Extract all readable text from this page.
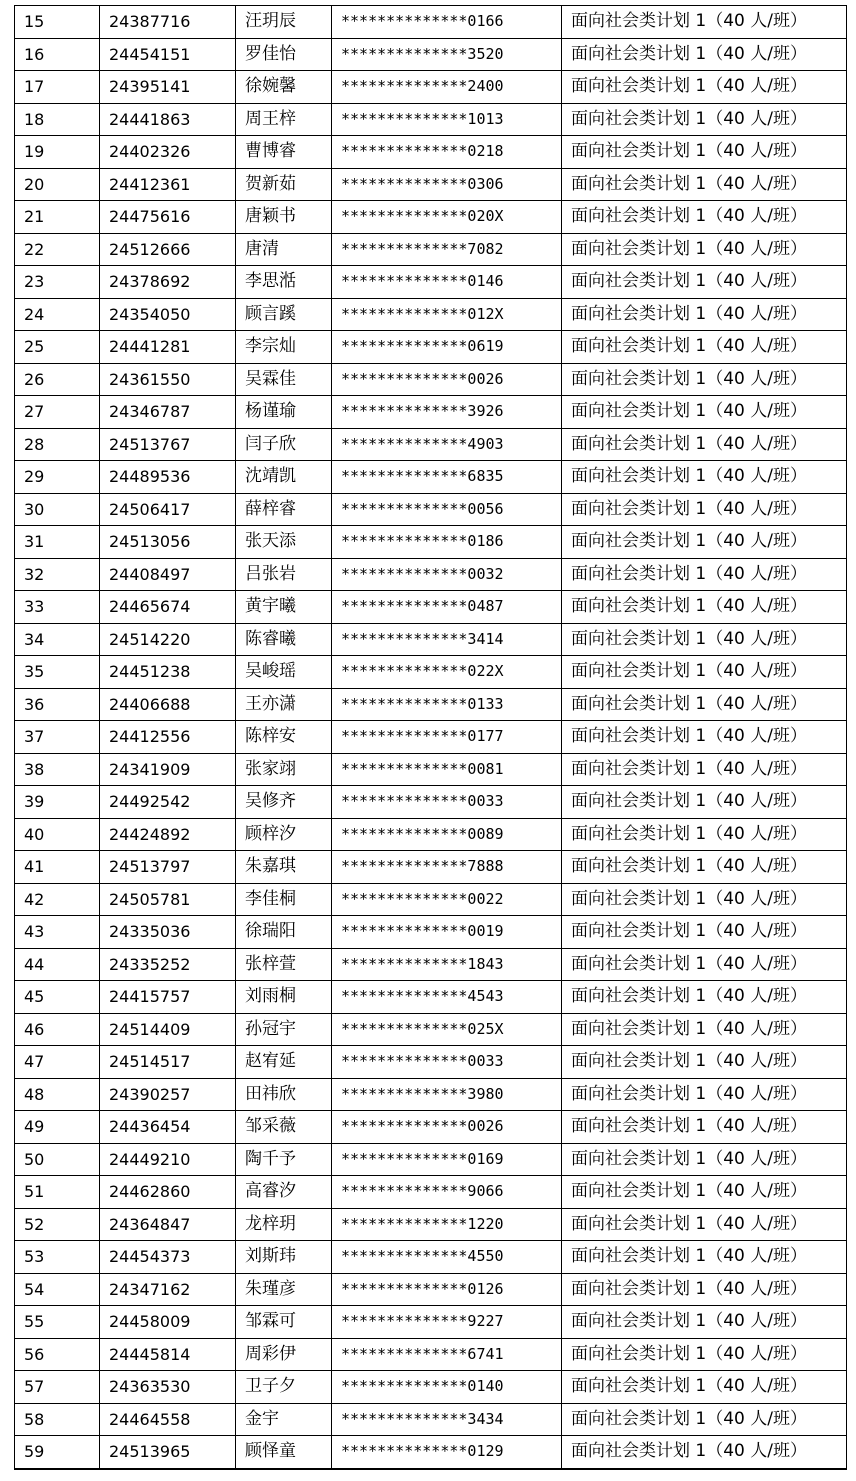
15	24387716	汪玥辰	**************0166	面向社会类计划 1（40 人/班）
16	24454151	罗佳怡	**************3520	面向社会类计划 1（40 人/班）
17	24395141	徐婉馨	**************2400	面向社会类计划 1（40 人/班）
18	24441863	周王梓	**************1013	面向社会类计划 1（40 人/班）
19	24402326	曹博睿	**************0218	面向社会类计划 1（40 人/班）
20	24412361	贺新茹	**************0306	面向社会类计划 1（40 人/班）
21	24475616	唐颖书	**************020X	面向社会类计划 1（40 人/班）
22	24512666	唐清	**************7082	面向社会类计划 1（40 人/班）
23	24378692	李思湉	**************0146	面向社会类计划 1（40 人/班）
24	24354050	顾言蹊	**************012X	面向社会类计划 1（40 人/班）
25	24441281	李宗灿	**************0619	面向社会类计划 1（40 人/班）
26	24361550	吴霖佳	**************0026	面向社会类计划 1（40 人/班）
27	24346787	杨谨瑜	**************3926	面向社会类计划 1（40 人/班）
28	24513767	闫子欣	**************4903	面向社会类计划 1（40 人/班）
29	24489536	沈靖凯	**************6835	面向社会类计划 1（40 人/班）
30	24506417	薛梓睿	**************0056	面向社会类计划 1（40 人/班）
31	24513056	张天添	**************0186	面向社会类计划 1（40 人/班）
32	24408497	吕张岩	**************0032	面向社会类计划 1（40 人/班）
33	24465674	黄宇曦	**************0487	面向社会类计划 1（40 人/班）
34	24514220	陈睿曦	**************3414	面向社会类计划 1（40 人/班）
35	24451238	吴峻瑶	**************022X	面向社会类计划 1（40 人/班）
36	24406688	王亦潇	**************0133	面向社会类计划 1（40 人/班）
37	24412556	陈梓安	**************0177	面向社会类计划 1（40 人/班）
38	24341909	张家翊	**************0081	面向社会类计划 1（40 人/班）
39	24492542	吴修齐	**************0033	面向社会类计划 1（40 人/班）
40	24424892	顾梓汐	**************0089	面向社会类计划 1（40 人/班）
41	24513797	朱嘉琪	**************7888	面向社会类计划 1（40 人/班）
42	24505781	李佳桐	**************0022	面向社会类计划 1（40 人/班）
43	24335036	徐瑞阳	**************0019	面向社会类计划 1（40 人/班）
44	24335252	张梓萱	**************1843	面向社会类计划 1（40 人/班）
45	24415757	刘雨桐	**************4543	面向社会类计划 1（40 人/班）
46	24514409	孙冠宇	**************025X	面向社会类计划 1（40 人/班）
47	24514517	赵宥延	**************0033	面向社会类计划 1（40 人/班）
48	24390257	田祎欣	**************3980	面向社会类计划 1（40 人/班）
49	24436454	邹采薇	**************0026	面向社会类计划 1（40 人/班）
50	24449210	陶千予	**************0169	面向社会类计划 1（40 人/班）
51	24462860	高睿汐	**************9066	面向社会类计划 1（40 人/班）
52	24364847	龙梓玥	**************1220	面向社会类计划 1（40 人/班）
53	24454373	刘斯玮	**************4550	面向社会类计划 1（40 人/班）
54	24347162	朱瑾彦	**************0126	面向社会类计划 1（40 人/班）
55	24458009	邹霖可	**************9227	面向社会类计划 1（40 人/班）
56	24445814	周彩伊	**************6741	面向社会类计划 1（40 人/班）
57	24363530	卫子夕	**************0140	面向社会类计划 1（40 人/班）
58	24464558	金宇	**************3434	面向社会类计划 1（40 人/班）
59	24513965	顾怿童	**************0129	面向社会类计划 1（40 人/班）
